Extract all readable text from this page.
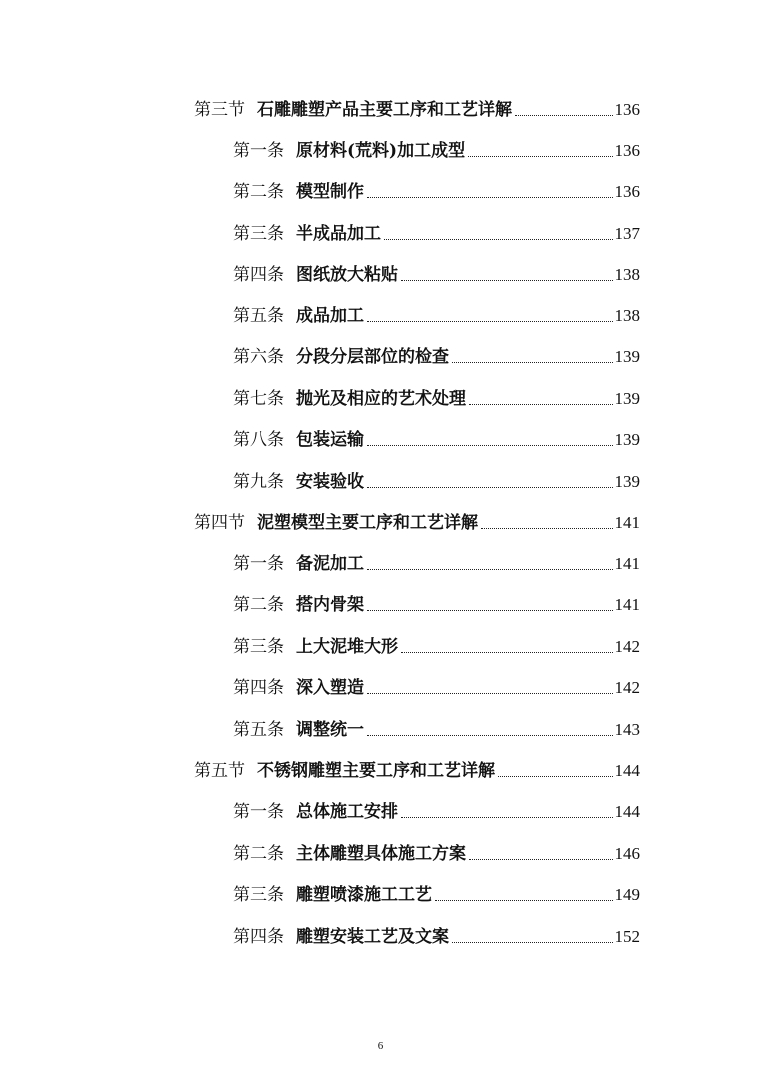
第三节 石雕雕塑产品主要工序和工艺详解	136
第一条 原材料(荒料)加工成型	136
第二条 模型制作	136
第三条 半成品加工	137
第四条 图纸放大粘贴	138
第五条 成品加工	138
第六条 分段分层部位的检查	139
第七条 抛光及相应的艺术处理	139
第八条 包装运输	139
第九条 安装验收	139
第四节 泥塑模型主要工序和工艺详解	141
第一条 备泥加工	141
第二条 搭内骨架	141
第三条 上大泥堆大形	142
第四条 深入塑造	142
第五条 调整统一	143
第五节 不锈钢雕塑主要工序和工艺详解	144
第一条 总体施工安排	144
第二条 主体雕塑具体施工方案	146
第三条 雕塑喷漆施工工艺	149
第四条 雕塑安装工艺及文案	152
6
